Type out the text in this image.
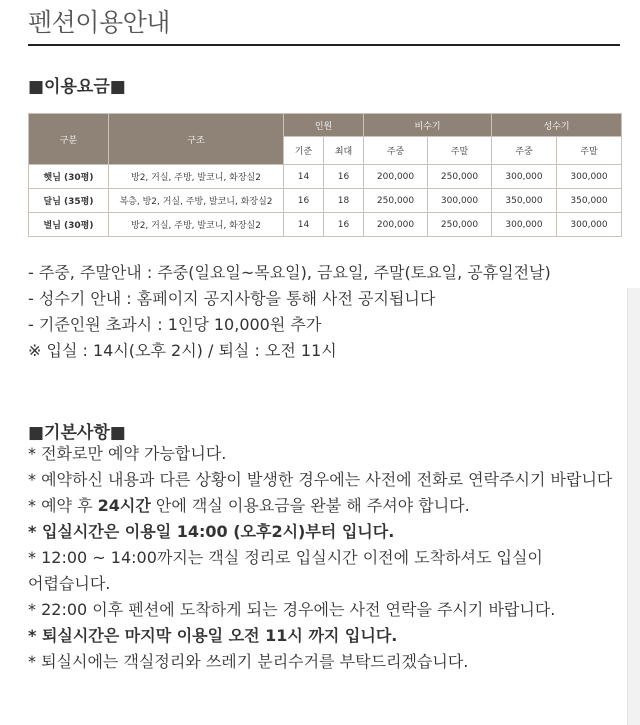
펜션이용안내
■이용요금■
구분	구조	인원		비수기		성수기	
		기준	최대	주중	주말	주중	주말
햇님 (30평)	방2, 거실, 주방, 발코니, 화장실2	14	16	200,000	250,000	300,000	300,000
달님 (35평)	복층, 방2, 거실, 주방, 발코니, 화장실2	16	18	250,000	300,000	350,000	350,000
별님 (30평)	방2, 거실, 주방, 발코니, 화장실2	14	16	200,000	250,000	300,000	300,000
- 주중, 주말안내 : 주중(일요일~목요일), 금요일, 주말(토요일, 공휴일전날)
- 성수기 안내 : 홈페이지 공지사항을 통해 사전 공지됩니다
- 기준인원 초과시 : 1인당 10,000원 추가
※ 입실 : 14시(오후 2시) / 퇴실 : 오전 11시
■기본사항■
* 전화로만 예약 가능합니다.
* 예약하신 내용과 다른 상황이 발생한 경우에는 사전에 전화로 연락주시기 바랍니다
* 예약 후 24시간 안에 객실 이용요금을 완불 해 주셔야 합니다.
* 입실시간은 이용일 14:00 (오후2시)부터 입니다.
* 12:00 ~ 14:00까지는 객실 정리로 입실시간 이전에 도착하셔도 입실이 어렵습니다.
* 22:00 이후 펜션에 도착하게 되는 경우에는 사전 연락을 주시기 바랍니다.
* 퇴실시간은 마지막 이용일 오전 11시 까지 입니다.
* 퇴실시에는 객실정리와 쓰레기 분리수거를 부탁드리겠습니다.
